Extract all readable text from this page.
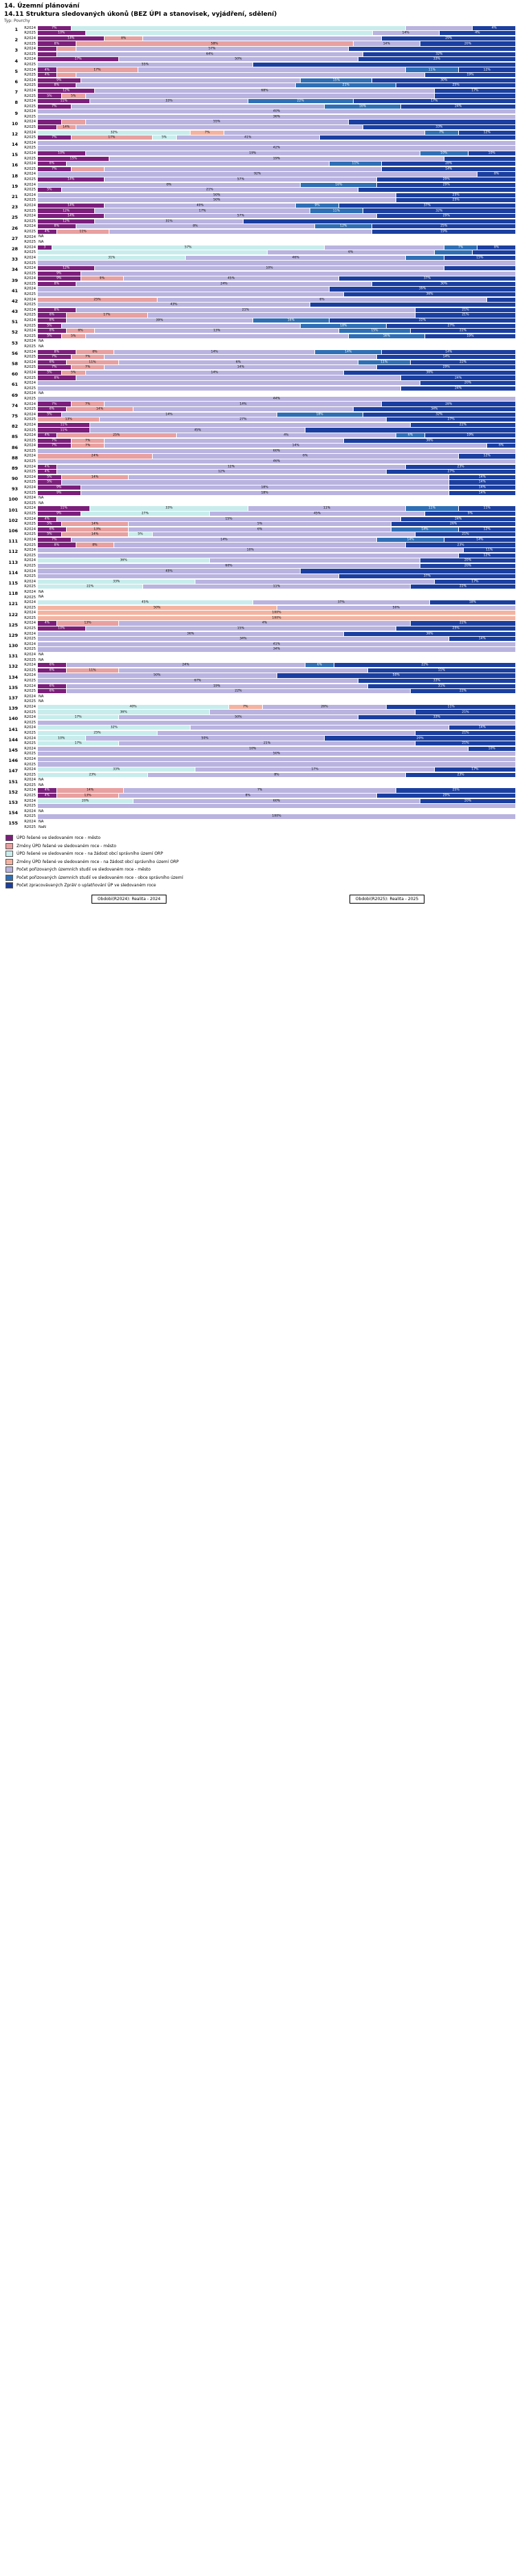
14. Územní plánování
14.11 Struktura sledovaných úkonů (BEZ ÚPI a stanovisek, vyjádření, sdělení)
Typ: Povrchy
1	R2024	7%	4%
R2025	10%	14%	4%
2	R2024	14%	8%	29%
R2025	8%	58%	14%	20%
3	R2024	57%
R2025	64%	32%
4	R2024	17%	50%	33%
R2025	55%
5	R2024	4%	17%	11%	12%
R2025	4%	19%
6	R2024	9%	15%	30%
R2025	8%	21%	25%
7	R2024	12%	68%	17%
R2025	5%	5%
8	R2024	11%	33%	22%	17%
R2025	7%	16%	24%
9	R2024	40%
R2025	36%
10	R2024	55%
R2025	14%	33%
12	R2024	32%	7%	7%	12%
R2025	7%	17%	5%	41%
14	R2024
R2025	42%
15	R2024	10%	19%	10%	10%
R2025	15%	19%
16	R2024	6%	11%	28%
R2025	7%	14%
18	R2024	92%	8%
R2025	14%	57%	29%
19	R2024	8%	16%	29%
R2025	5%	21%
21	R2024	50%	25%
R2025	50%	25%
23	R2024	14%	40%	9%	37%
R2025	12%	17%	11%	32%
25	R2024	14%	57%	29%
R2025	12%	31%
26	R2024	8%	8%	12%	25%
R2025	4%	11%	19%
27	R2024 NA
R2025 NA
28	R2024	3	57%	7%	8%
R2025	6%
33	R2024	31%	46%	15%
R2025
34	R2024	12%	10%
R2025	9%
39	R2024	9%	9%	45%	37%
R2025	8%	24%	30%
41	R2024	39%
R2025	36%
42	R2024	25%	6%
R2025	43%
43	R2024	8%	21%	21%
R2025	6%	17%	21%
51	R2024	6%	39%	16%	22%
R2025	5%	18%	27%
52	R2024	6%	6%	13%	15%	22%
R2025	5%	5%	16%	19%
53	R2024 NA
R2025 NA
56	R2024	8%	8%	14%	14%	14%
R2025	7%	7%	14%
58	R2024	6%	11%	6%	11%	22%
R2025	7%	7%	14%	29%
60	R2024	5%	5%	14%	36%
R2025	8%	24%
61	R2024	20%
R2025	24%
69	R2024 NA
R2025	44%
74	R2024	7%	7%	14%	28%
R2025	6%	14%	34%
75	R2024	5%	14%	18%	32%
R2025	13%	27%	27%
82	R2024	11%	22%
R2025	11%	45%
85	R2024	4%	25%	4%	6%	19%
R2025	7%	7%	36%
86	R2024	7%	7%	14%	6%
R2025	60%
88	R2024	24%	6%	12%
R2025	46%
89	R2024	4%	12%	23%
R2025	4%	12%	27%
90	R2024	5%	14%	14%
R2025	5%	14%
93	R2024	9%	18%	14%
R2025	9%	18%	14%
100	R2024 NA
R2025 NA
101	R2024	11%	33%	11%	11%	11%
R2025	9%	27%	45%	9%
102	R2024	4%	15%	24%
R2025	5%	14%	5%	26%
106	R2024	6%	13%	6%	14%	12%
R2025	5%	14%	5%	21%
111	R2024	7%	14%	14%	14%
R2025	8%	8%	23%
112	R2024	10%	11%
R2025	12%
113	R2024	36%	20%
R2025	60%	20%
114	R2024	45%
R2025	37%
115	R2024	33%	17%
R2025	22%	11%	22%
118	R2024 NA
R2025 NA
121	R2024	45%	37%	18%
R2025	50%	50%
122	R2024	100%
R2025	100%
125	R2024	4%	13%	4%	22%
R2025	10%	15%	25%
129	R2024	36%	36%
R2025	34%	14%
130	R2024	41%
R2025	34%
131	R2024 NA
R2025 NA
132	R2024	6%	24%	6%	22%
R2025	6%	11%	11%
134	R2024	50%	50%
R2025	67%	33%
135	R2024	6%	19%	31%
R2025	6%	22%	22%
137	R2024 NA
R2025 NA
139	R2024	40%	7%	26%	11%
R2025	36%	21%
140	R2024	17%	50%	33%
R2025
141	R2024	32%	14%
R2025	25%	21%
144	R2024	10%	50%	20%
R2025	17%	21%	21%
145	R2024	10%	10%
R2025	50%
146	R2024
R2025
147	R2024	33%	17%	17%
R2025	23%	8%	23%
151	R2024 NA
R2025 NA
152	R2024	4%	14%	7%	25%
R2025	4%	13%	8%	29%
153	R2024	20%	60%	20%
R2025
154	R2024 NA
R2025	100%
155	R2024 NA
R2025 NaN
ÚPD řešené ve sledovaném roce - město
Změny ÚPD řešené ve sledovaném roce - město
ÚPD řešené ve sledovaném roce - na žádost obcí správního území ORP
Změny ÚPD řešené ve sledovaném roce - na žádost obcí správního území ORP
Počet pořizovaných územních studií ve sledovaném roce - město
Počet pořizovaných územních studií ve sledovaném roce - obce správního území
Počet zpracovávaných ZpráV o uplatňování ÚP ve sledovaném roce
Obdobi(R2024): Realita - 2024	Obdobi(R2025): Realita - 2025
